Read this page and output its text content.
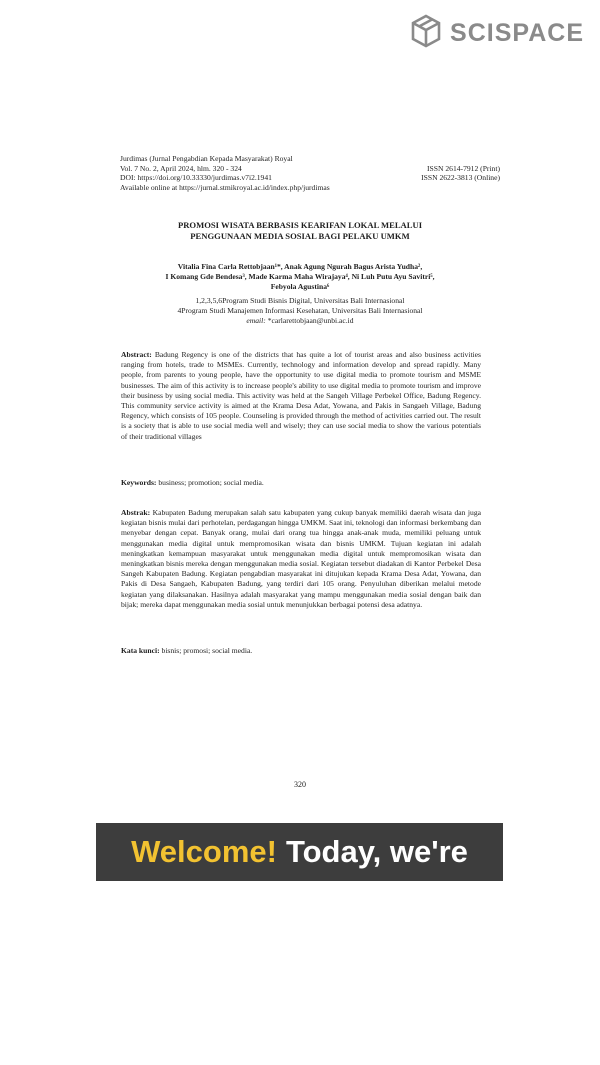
SCISPACE
Jurdimas (Jurnal Pengabdian Kepada Masyarakat) Royal
Vol. 7 No. 2, April 2024, hlm. 320 - 324	ISSN 2614-7912 (Print)
DOI: https://doi.org/10.33330/jurdimas.v7i2.1941	ISSN 2622-3813 (Online)
Available online at https://jurnal.stmikroyal.ac.id/index.php/jurdimas
PROMOSI WISATA BERBASIS KEARIFAN LOKAL MELALUI
PENGGUNAAN MEDIA SOSIAL BAGI PELAKU UMKM
Vitalia Fina Carla Rettobjaan¹*, Anak Agung Ngurah Bagus Arista Yudha²,
I Komang Gde Bendesa³, Made Karma Maha Wirajaya⁴, Ni Luh Putu Ayu Savitri⁵,
Febyola Agustina⁶
1,2,3,5,6Program Studi Bisnis Digital, Universitas Bali Internasional
4Program Studi Manajemen Informasi Kesehatan, Universitas Bali Internasional
email: *carlarettobjaan@unbi.ac.id
Abstract: Badung Regency is one of the districts that has quite a lot of tourist areas and also business activities ranging from hotels, trade to MSMEs. Currently, technology and information develop and spread rapidly. Many people, from parents to young people, have the opportunity to use digital media to promote tourism and MSME businesses. The aim of this activity is to increase people's ability to use digital media to promote tourism and improve their business by using social media. This activity was held at the Sangeh Village Perbekel Office, Badung Regency. This community service activity is aimed at the Krama Desa Adat, Yowana, and Pakis in Sangaeh Village, Badung Regency, which consists of 105 people. Counseling is provided through the method of activities carried out. The result is a society that is able to use social media well and wisely; they can use social media to show the various potentials of their traditional villages
Keywords: business; promotion; social media.
Abstrak: Kabupaten Badung merupakan salah satu kabupaten yang cukup banyak memiliki daerah wisata dan juga kegiatan bisnis mulai dari perhotelan, perdagangan hingga UMKM. Saat ini, teknologi dan informasi berkembang dan menyebar dengan cepat. Banyak orang, mulai dari orang tua hingga anak-anak muda, memiliki peluang untuk menggunakan media digital untuk mempromosikan wisata dan bisnis UMKM. Tujuan kegiatan ini adalah meningkatkan kemampuan masyarakat untuk menggunakan media digital untuk mempromosikan wisata dan meningkatkan bisnis mereka dengan menggunakan media sosial. Kegiatan tersebut diadakan di Kantor Perbekel Desa Sangeh Kabupaten Badung. Kegiatan pengabdian masyarakat ini ditujukan kepada Krama Desa Adat, Yowana, dan Pakis di Desa Sangaeh, Kabupaten Badung, yang terdiri dari 105 orang. Penyuluhan diberikan melalui metode kegiatan yang dilaksanakan. Hasilnya adalah masyarakat yang mampu menggunakan media sosial dengan baik dan bijak; mereka dapat menggunakan media sosial untuk menunjukkan berbagai potensi desa adatnya.
Kata kunci: bisnis; promosi; social media.
320
Welcome! Today, we're
